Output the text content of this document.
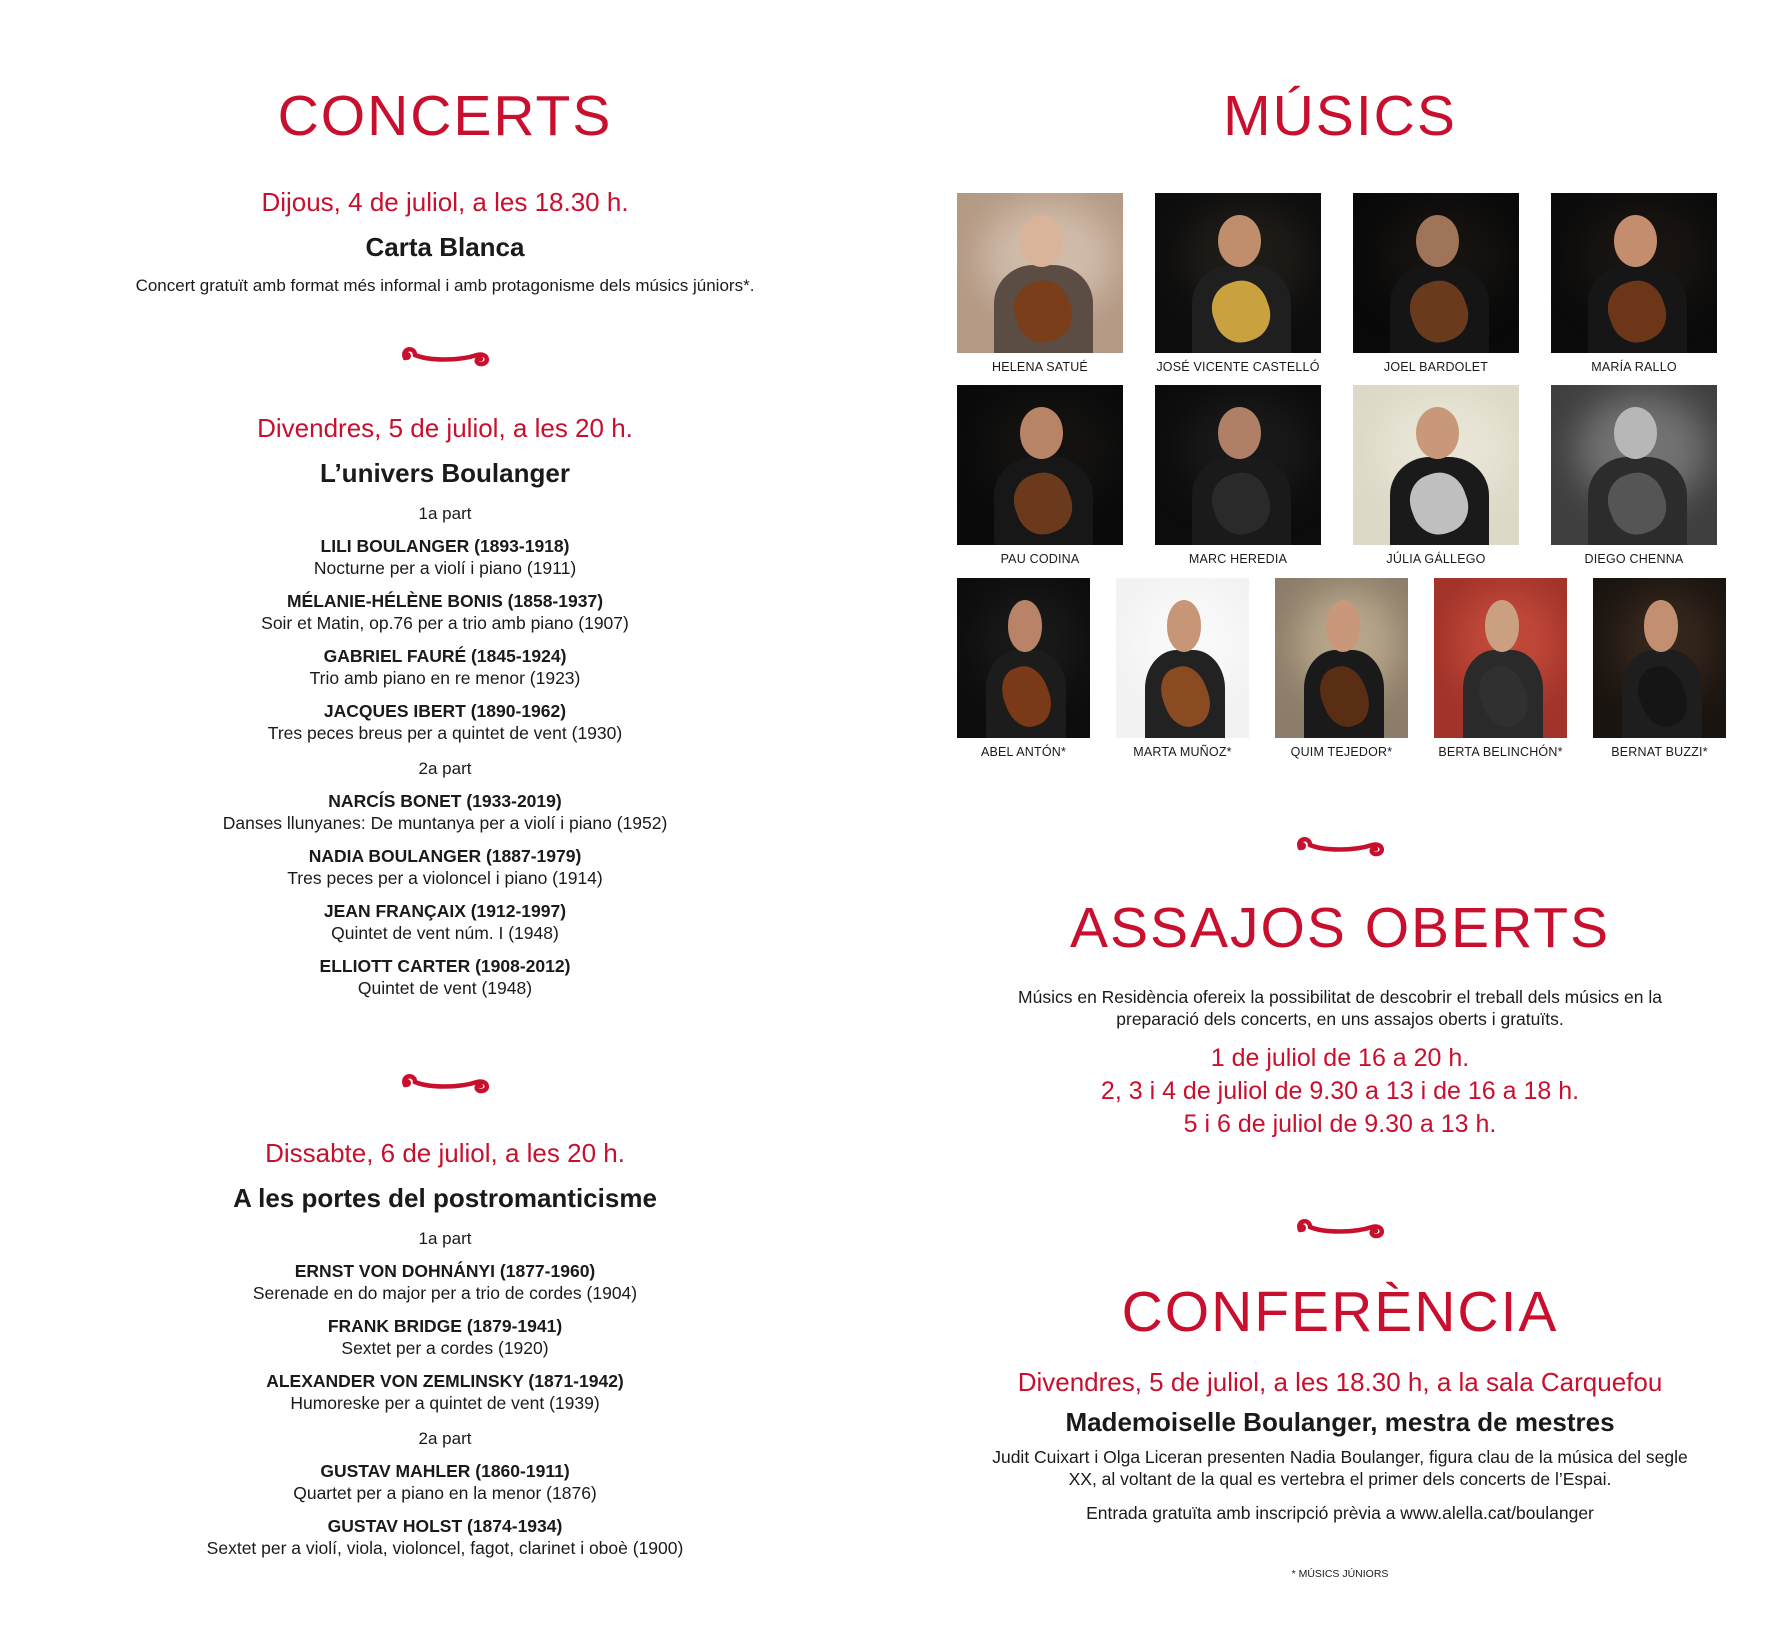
CONCERTS
Dijous, 4 de juliol, a les 18.30 h.
Carta Blanca
Concert gratuït amb format més informal i amb protagonisme dels músics júniors*.
Divendres, 5 de juliol, a les 20 h.
L’univers Boulanger
1a part
LILI BOULANGER (1893-1918)
Nocturne per a violí i piano (1911)
MÉLANIE-HÉLÈNE BONIS (1858-1937)
Soir et Matin, op.76 per a trio amb piano (1907)
GABRIEL FAURÉ (1845-1924)
Trio amb piano en re menor (1923)
JACQUES IBERT (1890-1962)
Tres peces breus per a quintet de vent (1930)
2a part
NARCÍS BONET (1933-2019)
Danses llunyanes: De muntanya per a violí i piano (1952)
NADIA BOULANGER (1887-1979)
Tres peces per a violoncel i piano (1914)
JEAN FRANÇAIX (1912-1997)
Quintet de vent núm. I (1948)
ELLIOTT CARTER (1908-2012)
Quintet de vent (1948)
Dissabte, 6 de juliol, a les 20 h.
A les portes del postromanticisme
1a part
ERNST VON DOHNÁNYI (1877-1960)
Serenade en do major per a trio de cordes (1904)
FRANK BRIDGE (1879-1941)
Sextet per a cordes (1920)
ALEXANDER VON ZEMLINSKY (1871-1942)
Humoreske per a quintet de vent (1939)
2a part
GUSTAV MAHLER (1860-1911)
Quartet per a piano en la menor (1876)
GUSTAV HOLST (1874-1934)
Sextet per a violí, viola, violoncel, fagot, clarinet i oboè (1900)
MÚSICS
HELENA SATUÉ	JOSÉ VICENTE CASTELLÓ	JOEL BARDOLET	MARÍA RALLO
PAU CODINA	MARC HEREDIA	JÚLIA GÁLLEGO	DIEGO CHENNA
ABEL ANTÓN*	MARTA MUÑOZ*	QUIM TEJEDOR*	BERTA BELINCHÓN*	BERNAT BUZZI*
ASSAJOS OBERTS
Músics en Residència ofereix la possibilitat de descobrir el treball dels músics en la preparació dels concerts, en uns assajos oberts i gratuïts.
1 de juliol de 16 a 20 h.
2, 3 i 4 de juliol de 9.30 a 13 i de 16 a 18 h.
5 i 6 de juliol de 9.30 a 13 h.
CONFERÈNCIA
Divendres, 5 de juliol, a les 18.30 h, a la sala Carquefou
Mademoiselle Boulanger, mestra de mestres
Judit Cuixart i Olga Liceran presenten Nadia Boulanger, figura clau de la música del segle XX, al voltant de la qual es vertebra el primer dels concerts de l’Espai.
Entrada gratuïta amb inscripció prèvia a www.alella.cat/boulanger
* MÚSICS JÚNIORS
